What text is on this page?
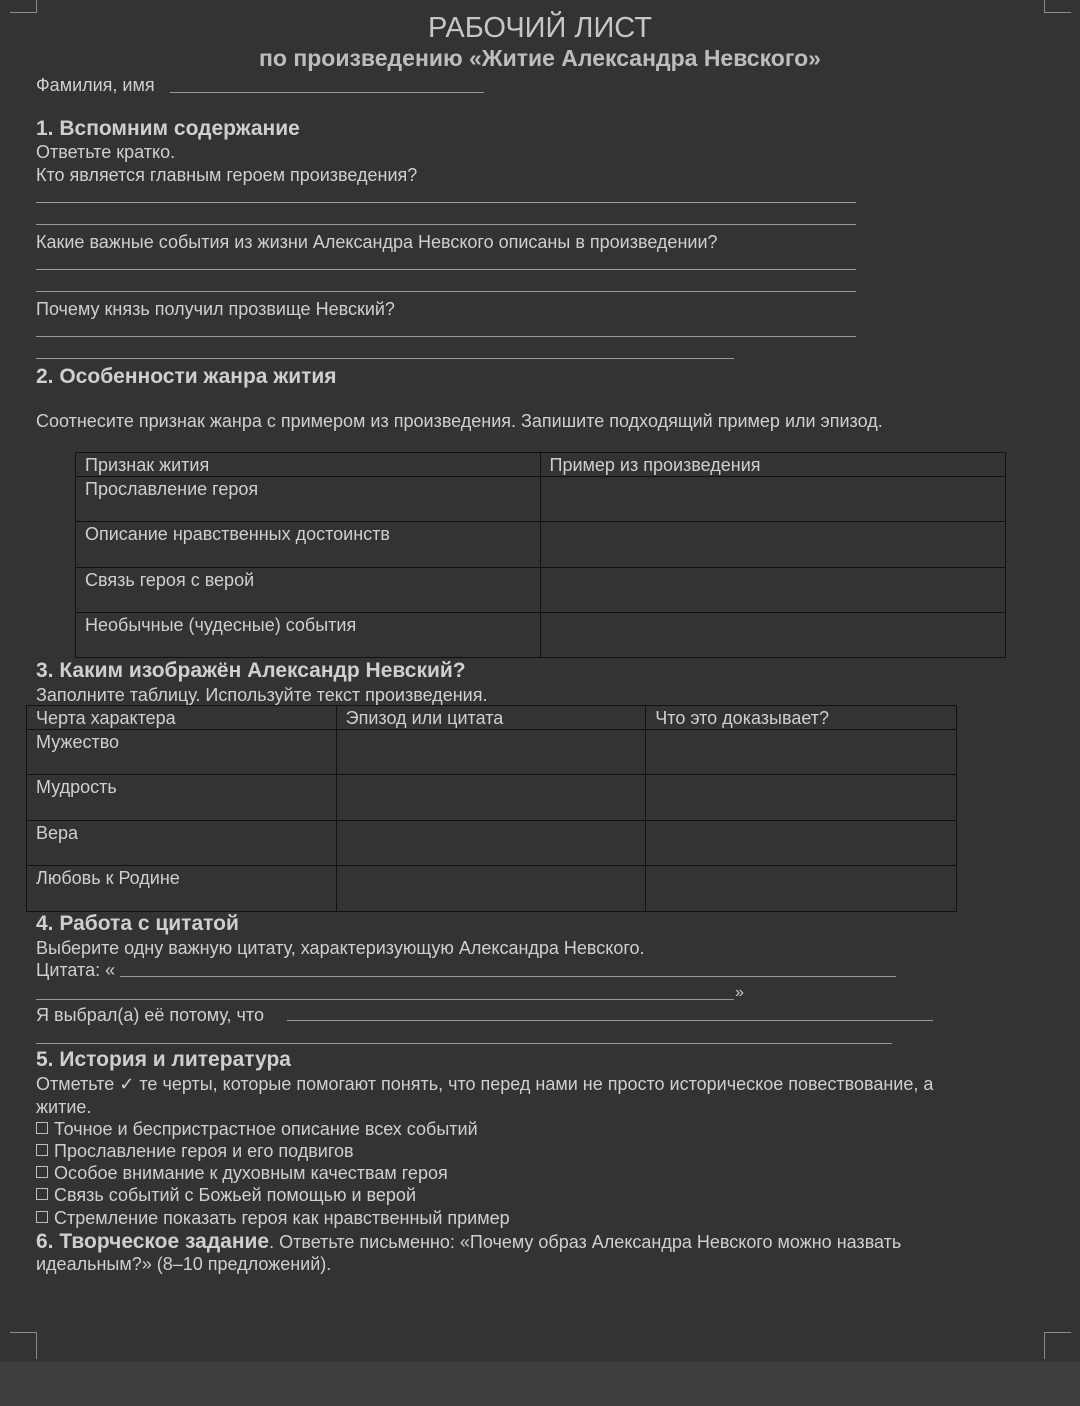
РАБОЧИЙ ЛИСТ
по произведению «Житие Александра Невского»
Фамилия, имя
1. Вспомним содержание
Ответьте кратко.
Кто является главным героем произведения?
Какие важные события из жизни Александра Невского описаны в произведении?
Почему князь получил прозвище Невский?
2. Особенности жанра жития
Соотнесите признак жанра с примером из произведения. Запишите подходящий пример или эпизод.
Признак жития	Пример из произведения
Прославление героя	
Описание нравственных достоинств	
Связь героя с верой	
Необычные (чудесные) события	
3. Каким изображён Александр Невский?
Заполните таблицу. Используйте текст произведения.
Черта характера	Эпизод или цитата	Что это доказывает?
Мужество		
Мудрость		
Вера		
Любовь к Родине		
4. Работа с цитатой
Выберите одну важную цитату, характеризующую Александра Невского.
Цитата: «
»
Я выбрал(а) её потому, что
5. История и литература
Отметьте ✓ те черты, которые помогают понять, что перед нами не просто историческое повествование, а
житие.
Точное и беспристрастное описание всех событий
Прославление героя и его подвигов
Особое внимание к духовным качествам героя
Связь событий с Божьей помощью и верой
Стремление показать героя как нравственный пример
6. Творческое задание. Ответьте письменно: «Почему образ Александра Невского можно назвать
идеальным?» (8–10 предложений).
